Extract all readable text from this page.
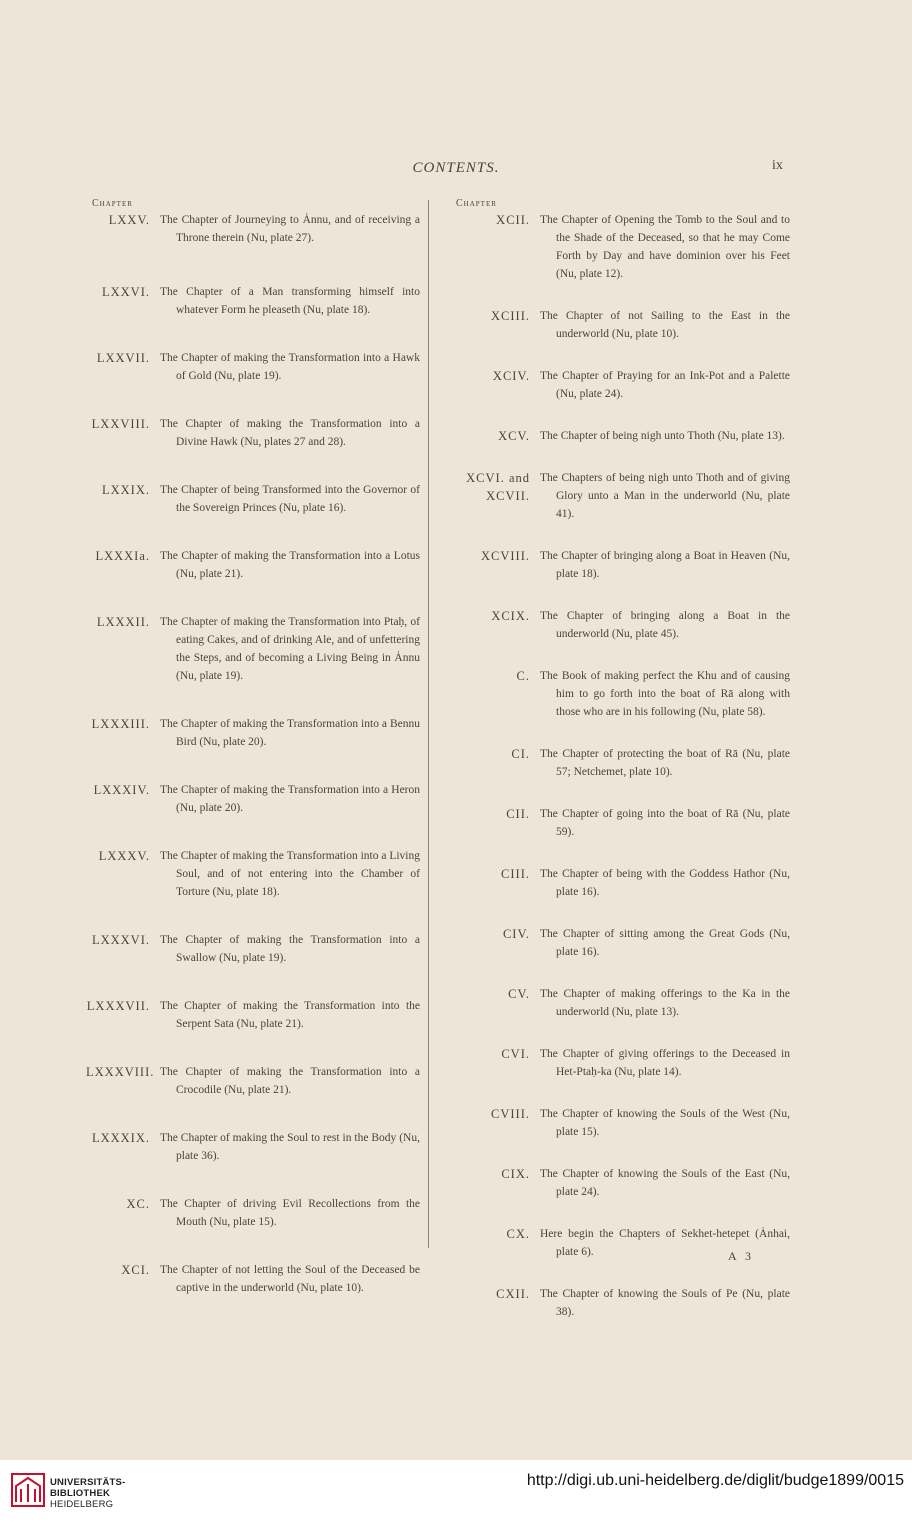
CONTENTS.	ix
Chapter
LXXV. The Chapter of Journeying to Ȧnnu, and of receiving a Throne therein (Nu, plate 27).
LXXVI. The Chapter of a Man transforming himself into whatever Form he pleaseth (Nu, plate 18).
LXXVII. The Chapter of making the Transformation into a Hawk of Gold (Nu, plate 19).
LXXVIII. The Chapter of making the Transformation into a Divine Hawk (Nu, plates 27 and 28).
LXXIX. The Chapter of being Transformed into the Governor of the Sovereign Princes (Nu, plate 16).
LXXXIa. The Chapter of making the Transformation into a Lotus (Nu, plate 21).
LXXXII. The Chapter of making the Transformation into Ptaḥ, of eating Cakes, and of drinking Ale, and of unfettering the Steps, and of becoming a Living Being in Ȧnnu (Nu, plate 19).
LXXXIII. The Chapter of making the Transformation into a Bennu Bird (Nu, plate 20).
LXXXIV. The Chapter of making the Transformation into a Heron (Nu, plate 20).
LXXXV. The Chapter of making the Transformation into a Living Soul, and of not entering into the Chamber of Torture (Nu, plate 18).
LXXXVI. The Chapter of making the Transformation into a Swallow (Nu, plate 19).
LXXXVII. The Chapter of making the Transformation into the Serpent Sata (Nu, plate 21).
LXXXVIII. The Chapter of making the Transformation into a Crocodile (Nu, plate 21).
LXXXIX. The Chapter of making the Soul to rest in the Body (Nu, plate 36).
XC. The Chapter of driving Evil Recollections from the Mouth (Nu, plate 15).
XCI. The Chapter of not letting the Soul of the Deceased be captive in the underworld (Nu, plate 10).
Chapter
XCII. The Chapter of Opening the Tomb to the Soul and to the Shade of the Deceased, so that he may Come Forth by Day and have dominion over his Feet (Nu, plate 12).
XCIII. The Chapter of not Sailing to the East in the underworld (Nu, plate 10).
XCIV. The Chapter of Praying for an Ink-Pot and a Palette (Nu, plate 24).
XCV. The Chapter of being nigh unto Thoth (Nu, plate 13).
XCVI. and XCVII.
The Chapters of being nigh unto Thoth and of giving Glory unto a Man in the underworld (Nu, plate 41).
XCVIII. The Chapter of bringing along a Boat in Heaven (Nu, plate 18).
XCIX. The Chapter of bringing along a Boat in the underworld (Nu, plate 45).
C. The Book of making perfect the Khu and of causing him to go forth into the boat of Rā along with those who are in his following (Nu, plate 58).
CI. The Chapter of protecting the boat of Rā (Nu, plate 57; Netchemet, plate 10).
CII. The Chapter of going into the boat of Rā (Nu, plate 59).
CIII. The Chapter of being with the Goddess Hathor (Nu, plate 16).
CIV. The Chapter of sitting among the Great Gods (Nu, plate 16).
CV. The Chapter of making offerings to the Ka in the underworld (Nu, plate 13).
CVI. The Chapter of giving offerings to the Deceased in Het-Ptaḥ-ka (Nu, plate 14).
CVIII. The Chapter of knowing the Souls of the West (Nu, plate 15).
CIX. The Chapter of knowing the Souls of the East (Nu, plate 24).
CX. Here begin the Chapters of Sekhet-hetepet (Ȧnhai, plate 6).
CXII. The Chapter of knowing the Souls of Pe (Nu, plate 38).
A 3
UNIVERSITÄTS-
BIBLIOTHEK
HEIDELBERG
http://digi.ub.uni-heidelberg.de/diglit/budge1899/0015
